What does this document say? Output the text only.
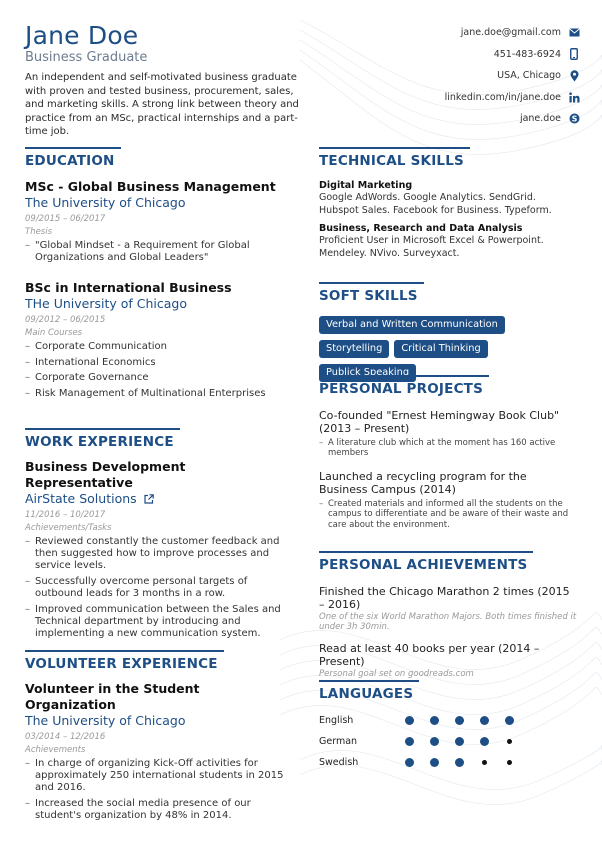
Jane Doe
Business Graduate
An independent and self-motivated business graduate with proven and tested business, procurement, sales, and marketing skills. A strong link between theory and practice from an MSc, practical internships and a part-time job.
jane.doe@gmail.com
451-483-6924
USA, Chicago
linkedin.com/in/jane.doe
jane.doe S
EDUCATION
MSc - Global Business Management
The University of Chicago
09/2015 – 06/2017
Thesis
– "Global Mindset - a Requirement for Global Organizations and Global Leaders"
BSc in International Business
THe University of Chicago
09/2012 – 06/2015
Main Courses
– Corporate Communication
– International Economics
– Corporate Governance
– Risk Management of Multinational Enterprises
WORK EXPERIENCE
Business Development Representative
AirState Solutions
11/2016 – 10/2017
Achievements/Tasks
– Reviewed constantly the customer feedback and then suggested how to improve processes and service levels.
– Successfully overcome personal targets of outbound leads for 3 months in a row.
– Improved communication between the Sales and Technical department by introducing and implementing a new communication system.
VOLUNTEER EXPERIENCE
Volunteer in the Student Organization
The University of Chicago
03/2014 – 12/2016
Achievements
– In charge of organizing Kick-Off activities for approximately 250 international students in 2015 and 2016.
– Increased the social media presence of our student's organization by 48% in 2014.
TECHNICAL SKILLS
Digital Marketing
Google AdWords. Google Analytics. SendGrid. Hubspot Sales. Facebook for Business. Typeform.
Business, Research and Data Analysis
Proficient User in Microsoft Excel & Powerpoint. Mendeley. NVivo. Surveyxact.
SOFT SKILLS
Verbal and Written Communication
Storytelling	Critical Thinking
Publick Speaking
PERSONAL PROJECTS
Co-founded "Ernest Hemingway Book Club" (2013 – Present)
– A literature club which at the moment has 160 active members
Launched a recycling program for the Business Campus (2014)
– Created materials and informed all the students on the campus to differentiate and be aware of their waste and care about the environment.
PERSONAL ACHIEVEMENTS
Finished the Chicago Marathon 2 times (2015 – 2016)
One of the six World Marathon Majors. Both times finished it under 3h 30min.
Read at least 40 books per year (2014 – Present)
Personal goal set on goodreads.com
LANGUAGES
English
German
Swedish
